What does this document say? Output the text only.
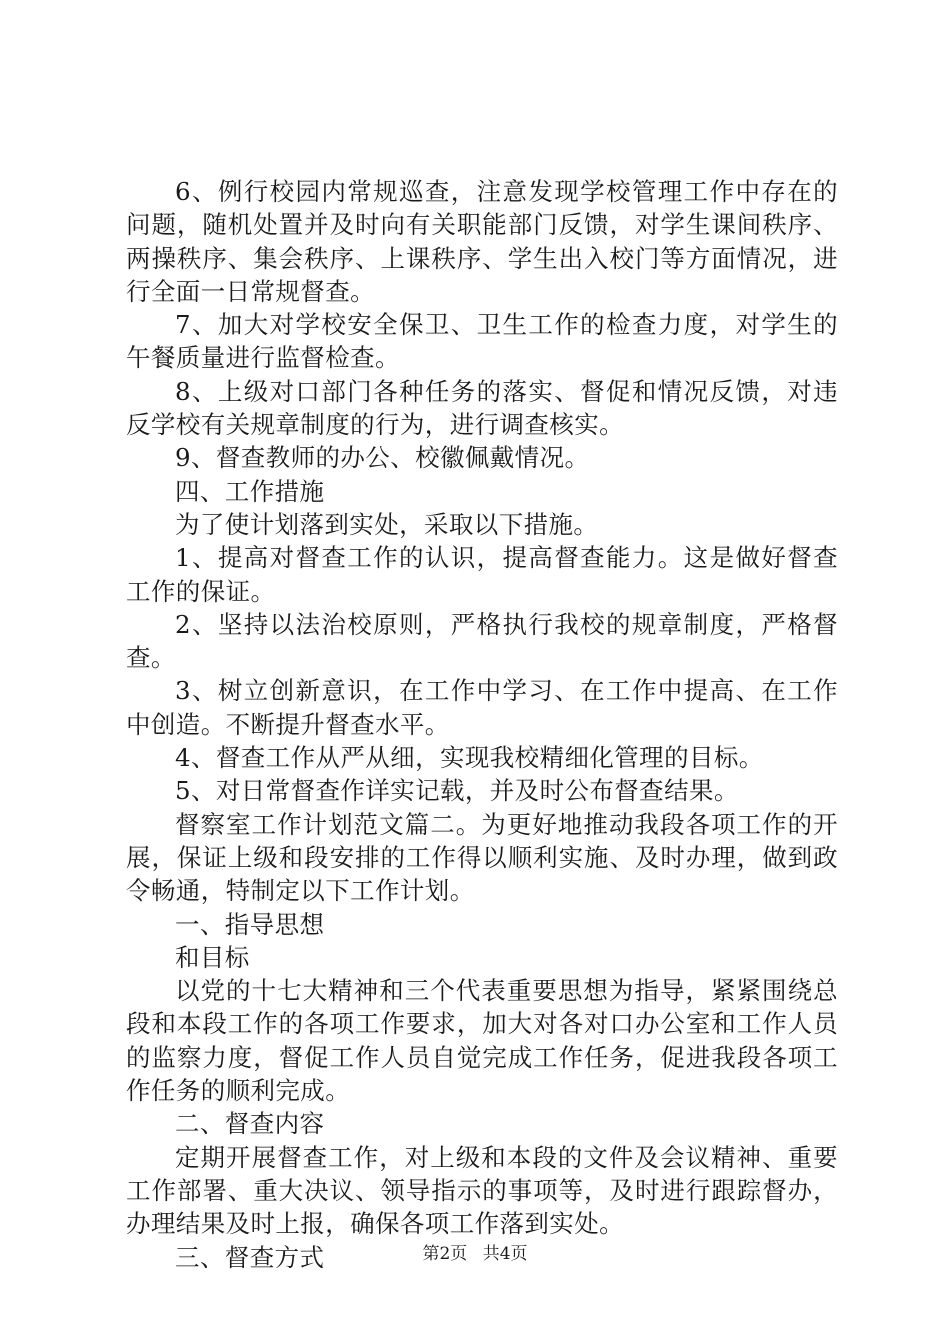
6、例行校园内常规巡查，注意发现学校管理工作中存在的问题，随机处置并及时向有关职能部门反馈，对学生课间秩序、两操秩序、集会秩序、上课秩序、学生出入校门等方面情况，进行全面一日常规督查。

7、加大对学校安全保卫、卫生工作的检查力度，对学生的午餐质量进行监督检查。

8、上级对口部门各种任务的落实、督促和情况反馈，对违反学校有关规章制度的行为，进行调查核实。

9、督查教师的办公、校徽佩戴情况。

四、工作措施

为了使计划落到实处，采取以下措施。

1、提高对督查工作的认识，提高督查能力。这是做好督查工作的保证。

2、坚持以法治校原则，严格执行我校的规章制度，严格督查。

3、树立创新意识，在工作中学习、在工作中提高、在工作中创造。不断提升督查水平。

4、督查工作从严从细，实现我校精细化管理的目标。

5、对日常督查作详实记载，并及时公布督查结果。

督察室工作计划范文篇二。为更好地推动我段各项工作的开展，保证上级和段安排的工作得以顺利实施、及时办理，做到政令畅通，特制定以下工作计划。

一、指导思想

和目标

以党的十七大精神和三个代表重要思想为指导，紧紧围绕总段和本段工作的各项工作要求，加大对各对口办公室和工作人员的监察力度，督促工作人员自觉完成工作任务，促进我段各项工作任务的顺利完成。

二、督查内容

定期开展督查工作，对上级和本段的文件及会议精神、重要工作部署、重大决议、领导指示的事项等，及时进行跟踪督办，办理结果及时上报，确保各项工作落到实处。

三、督查方式	第2页 共4页
